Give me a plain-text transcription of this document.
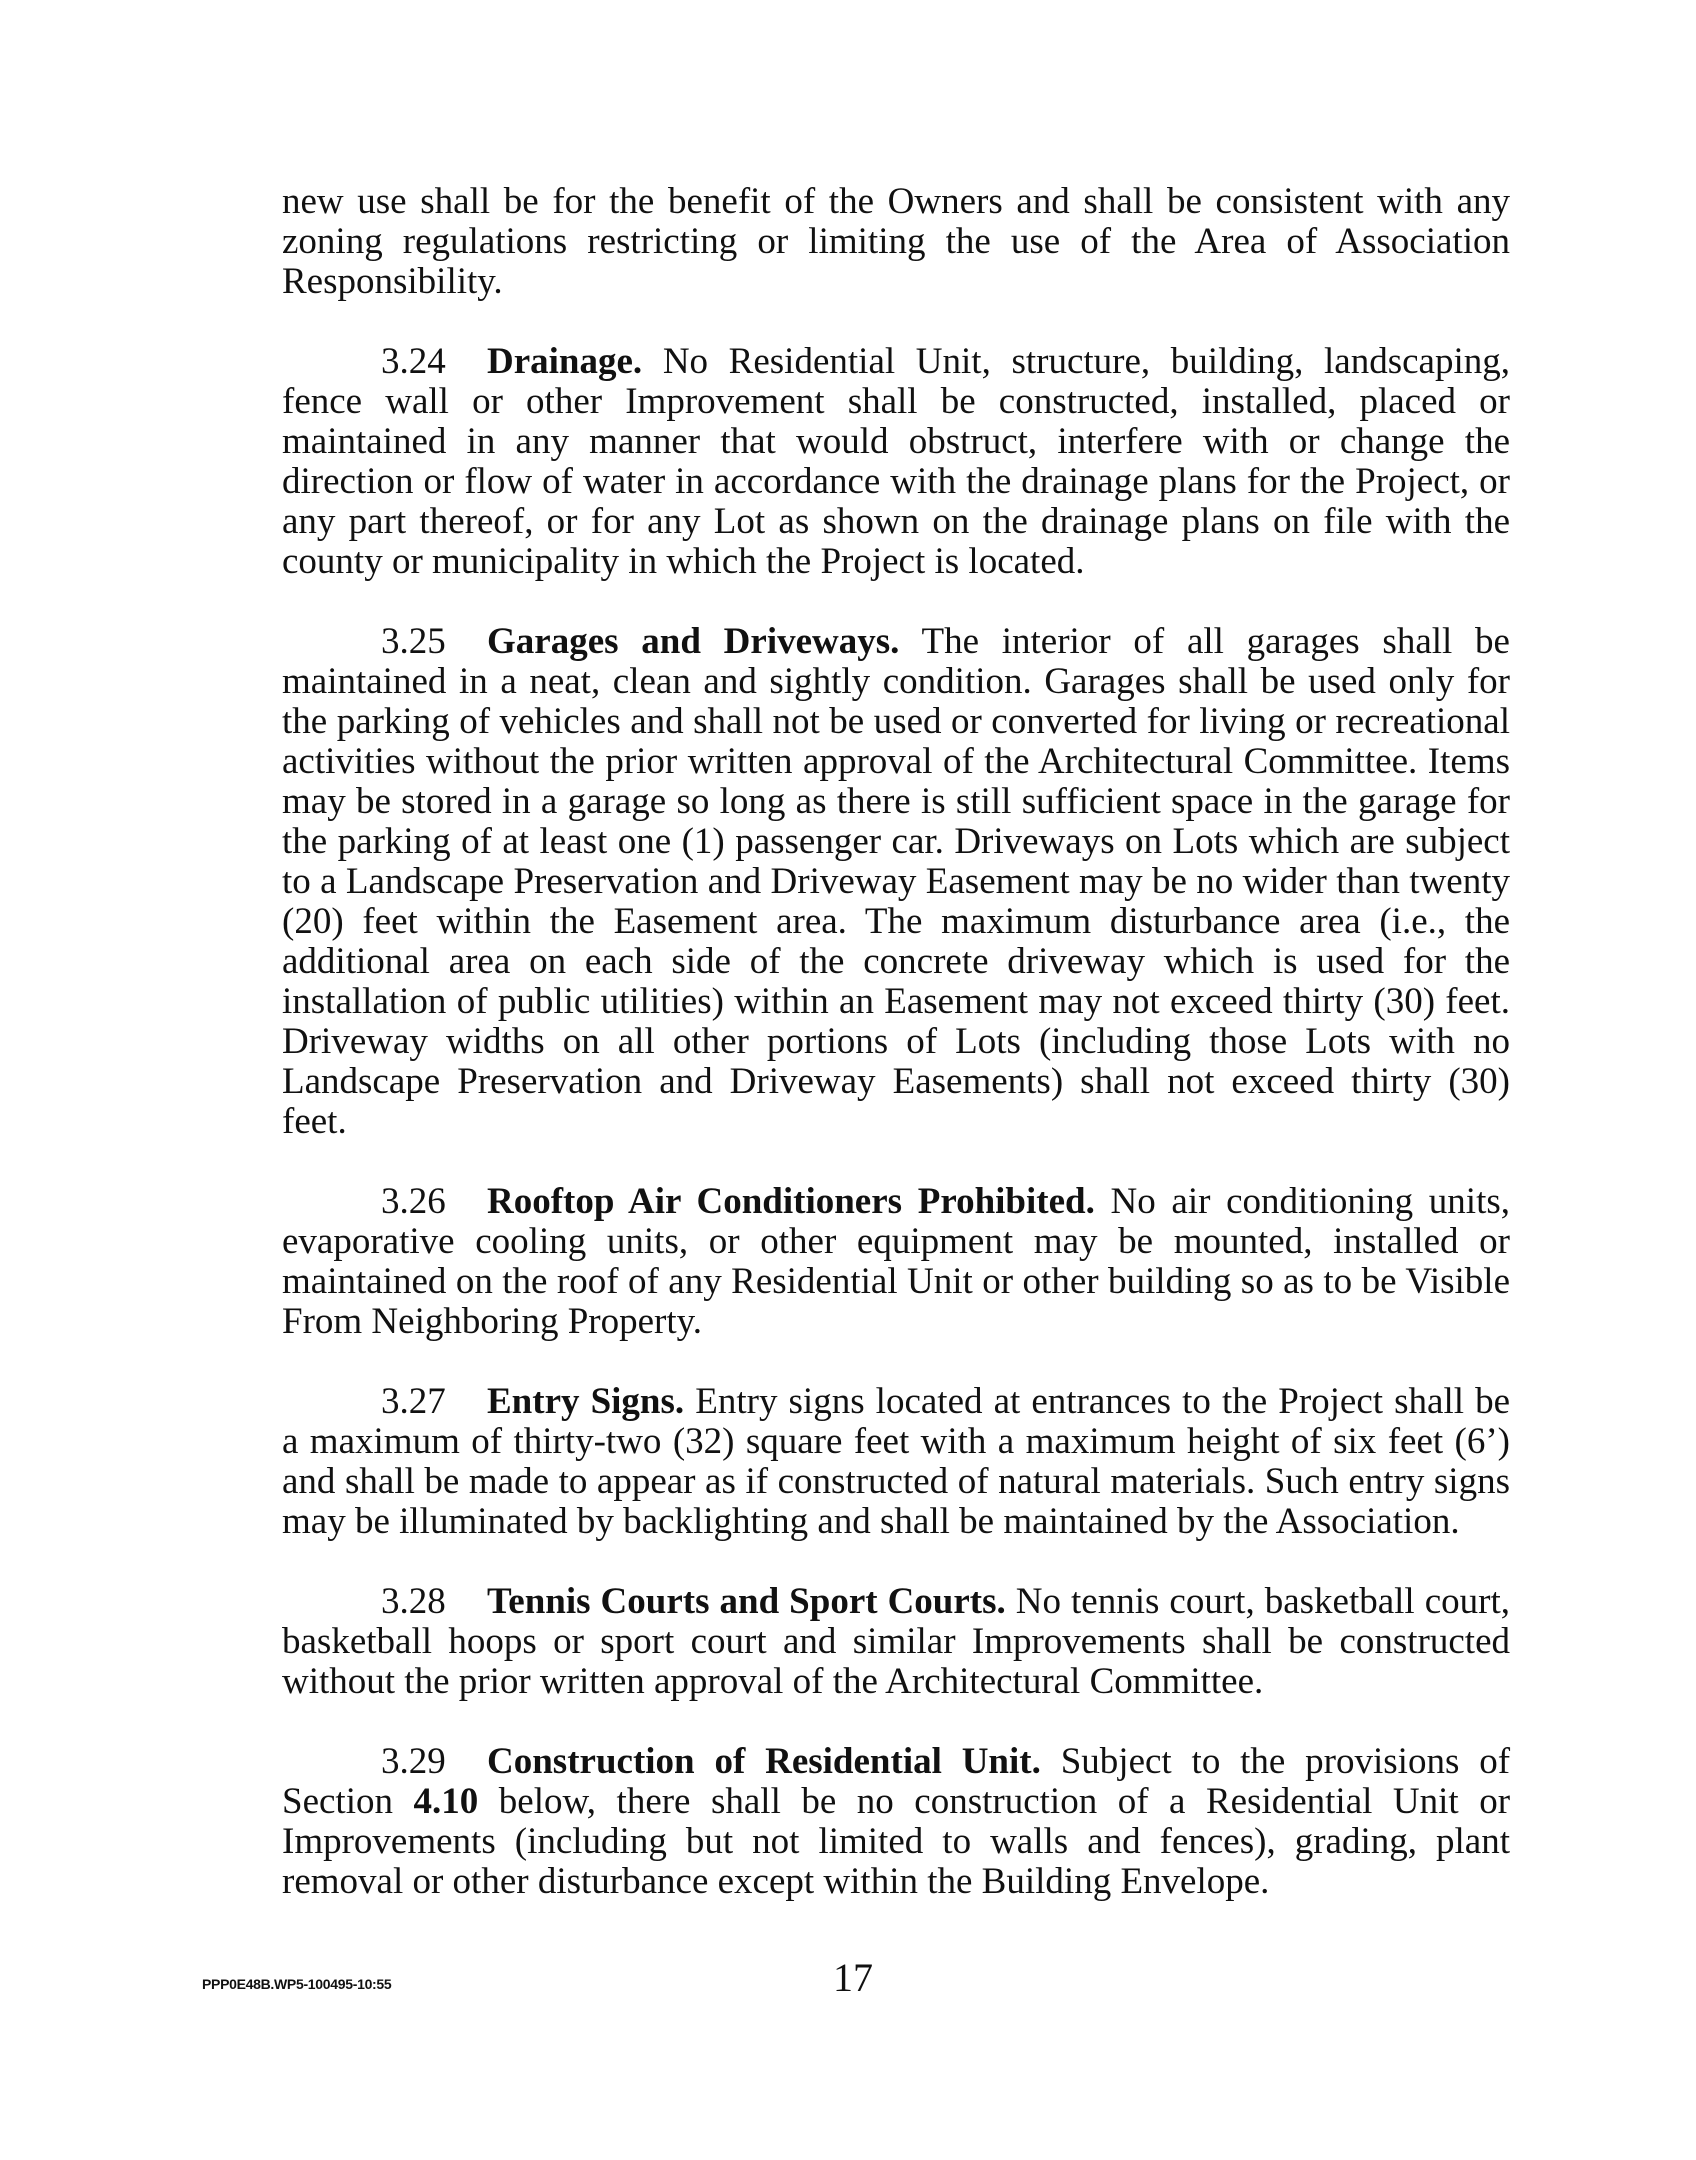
new use shall be for the benefit of the Owners and shall be consistent with any zoning regulations restricting or limiting the use of the Area of Association Responsibility.

3.24 Drainage. No Residential Unit, structure, building, landscaping, fence wall or other Improvement shall be constructed, installed, placed or maintained in any manner that would obstruct, interfere with or change the direction or flow of water in accordance with the drainage plans for the Project, or any part thereof, or for any Lot as shown on the drainage plans on file with the county or municipality in which the Project is located.

3.25 Garages and Driveways. The interior of all garages shall be maintained in a neat, clean and sightly condition. Garages shall be used only for the parking of vehicles and shall not be used or converted for living or recreational activities without the prior written approval of the Architectural Committee. Items may be stored in a garage so long as there is still sufficient space in the garage for the parking of at least one (1) passenger car. Driveways on Lots which are subject to a Landscape Preservation and Driveway Easement may be no wider than twenty (20) feet within the Easement area. The maximum disturbance area (i.e., the additional area on each side of the concrete driveway which is used for the installation of public utilities) within an Easement may not exceed thirty (30) feet. Driveway widths on all other portions of Lots (including those Lots with no Landscape Preservation and Driveway Easements) shall not exceed thirty (30) feet.

3.26 Rooftop Air Conditioners Prohibited. No air conditioning units, evaporative cooling units, or other equipment may be mounted, installed or maintained on the roof of any Residential Unit or other building so as to be Visible From Neighboring Property.

3.27 Entry Signs. Entry signs located at entrances to the Project shall be a maximum of thirty-two (32) square feet with a maximum height of six feet (6’) and shall be made to appear as if constructed of natural materials. Such entry signs may be illuminated by backlighting and shall be maintained by the Association.

3.28 Tennis Courts and Sport Courts. No tennis court, basketball court, basketball hoops or sport court and similar Improvements shall be constructed without the prior written approval of the Architectural Committee.

3.29 Construction of Residential Unit. Subject to the provisions of Section 4.10 below, there shall be no construction of a Residential Unit or Improvements (including but not limited to walls and fences), grading, plant removal or other disturbance except within the Building Envelope.

PPP0E48B.WP5-100495-10:55	17
